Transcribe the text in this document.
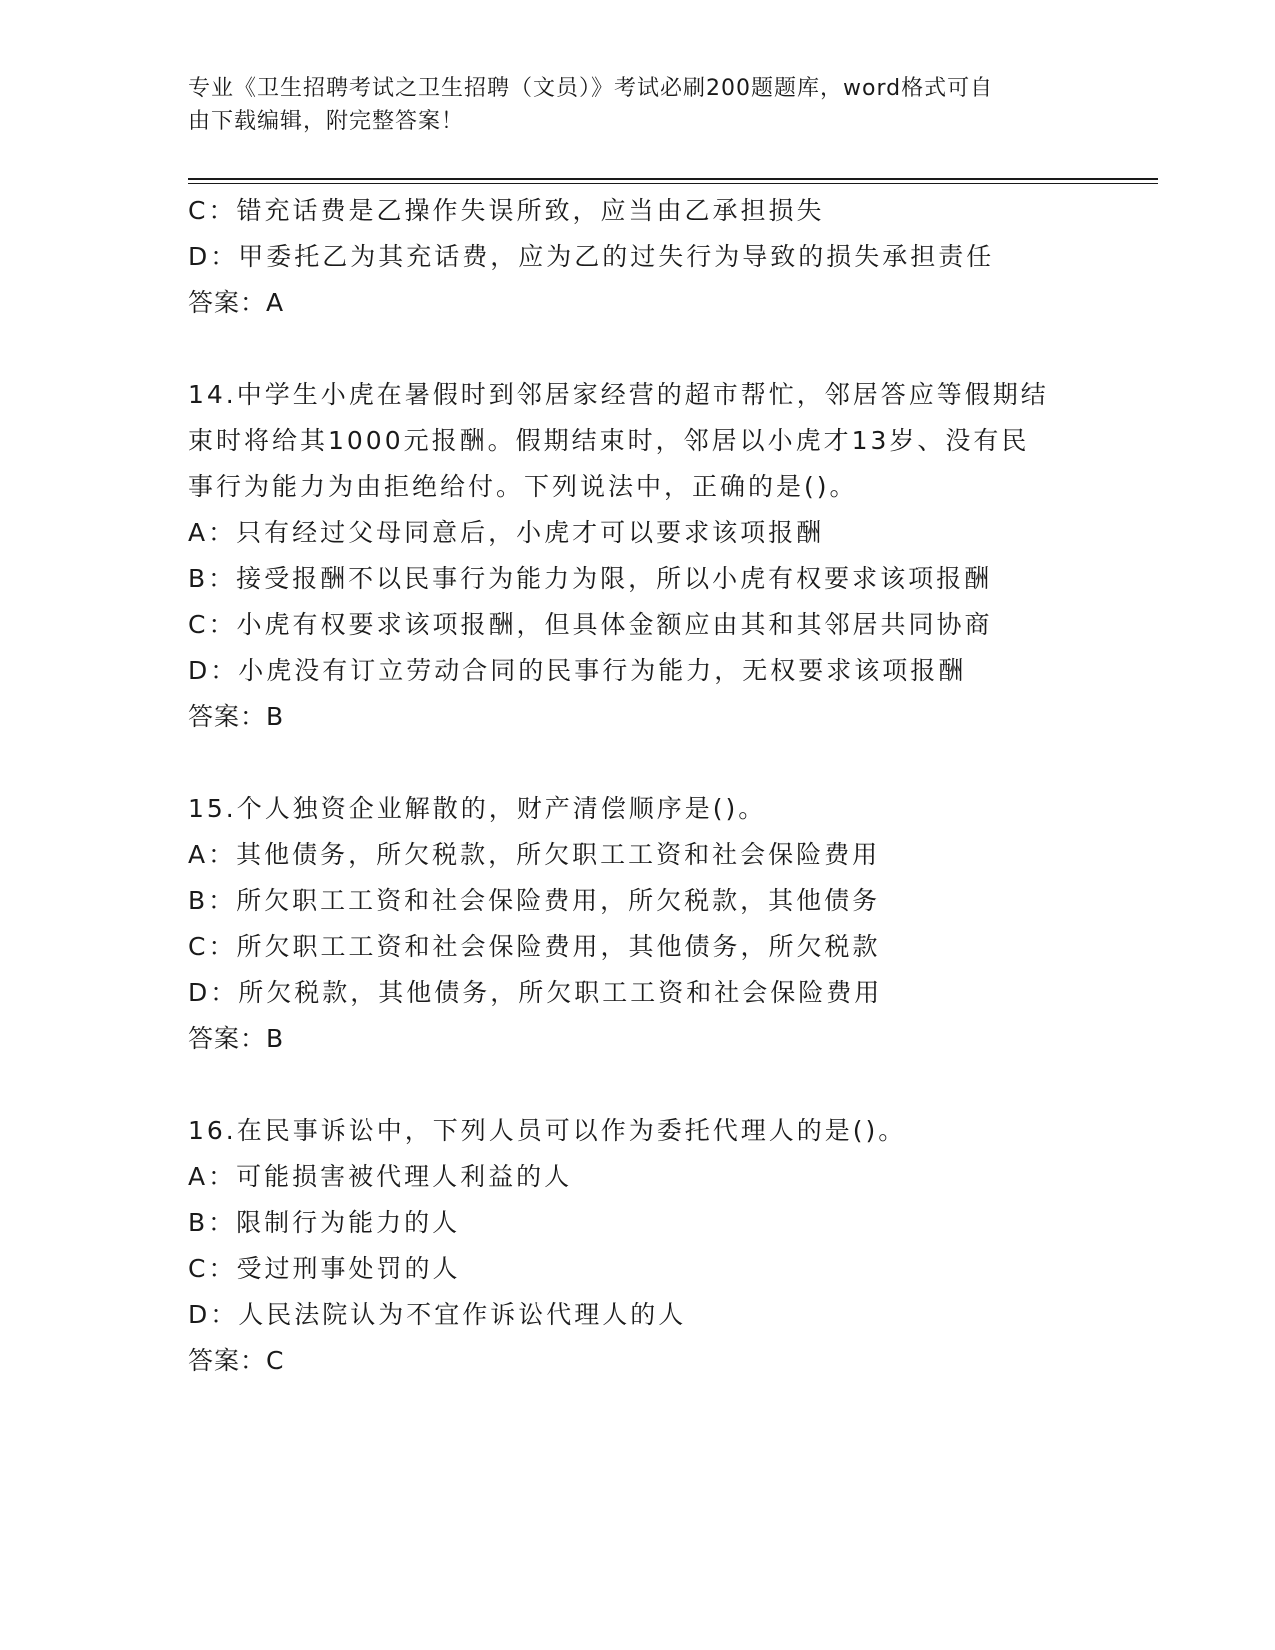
专业《卫生招聘考试之卫生招聘（文员）》考试必刷200题题库，word格式可自
由下载编辑，附完整答案！
C：错充话费是乙操作失误所致，应当由乙承担损失
D：甲委托乙为其充话费，应为乙的过失行为导致的损失承担责任
答案：A
14.中学生小虎在暑假时到邻居家经营的超市帮忙，邻居答应等假期结
束时将给其1000元报酬。假期结束时，邻居以小虎才13岁、没有民
事行为能力为由拒绝给付。下列说法中，正确的是()。
A：只有经过父母同意后，小虎才可以要求该项报酬
B：接受报酬不以民事行为能力为限，所以小虎有权要求该项报酬
C：小虎有权要求该项报酬，但具体金额应由其和其邻居共同协商
D：小虎没有订立劳动合同的民事行为能力，无权要求该项报酬
答案：B
15.个人独资企业解散的，财产清偿顺序是()。
A：其他债务，所欠税款，所欠职工工资和社会保险费用
B：所欠职工工资和社会保险费用，所欠税款，其他债务
C：所欠职工工资和社会保险费用，其他债务，所欠税款
D：所欠税款，其他债务，所欠职工工资和社会保险费用
答案：B
16.在民事诉讼中，下列人员可以作为委托代理人的是()。
A：可能损害被代理人利益的人
B：限制行为能力的人
C：受过刑事处罚的人
D：人民法院认为不宜作诉讼代理人的人
答案：C
